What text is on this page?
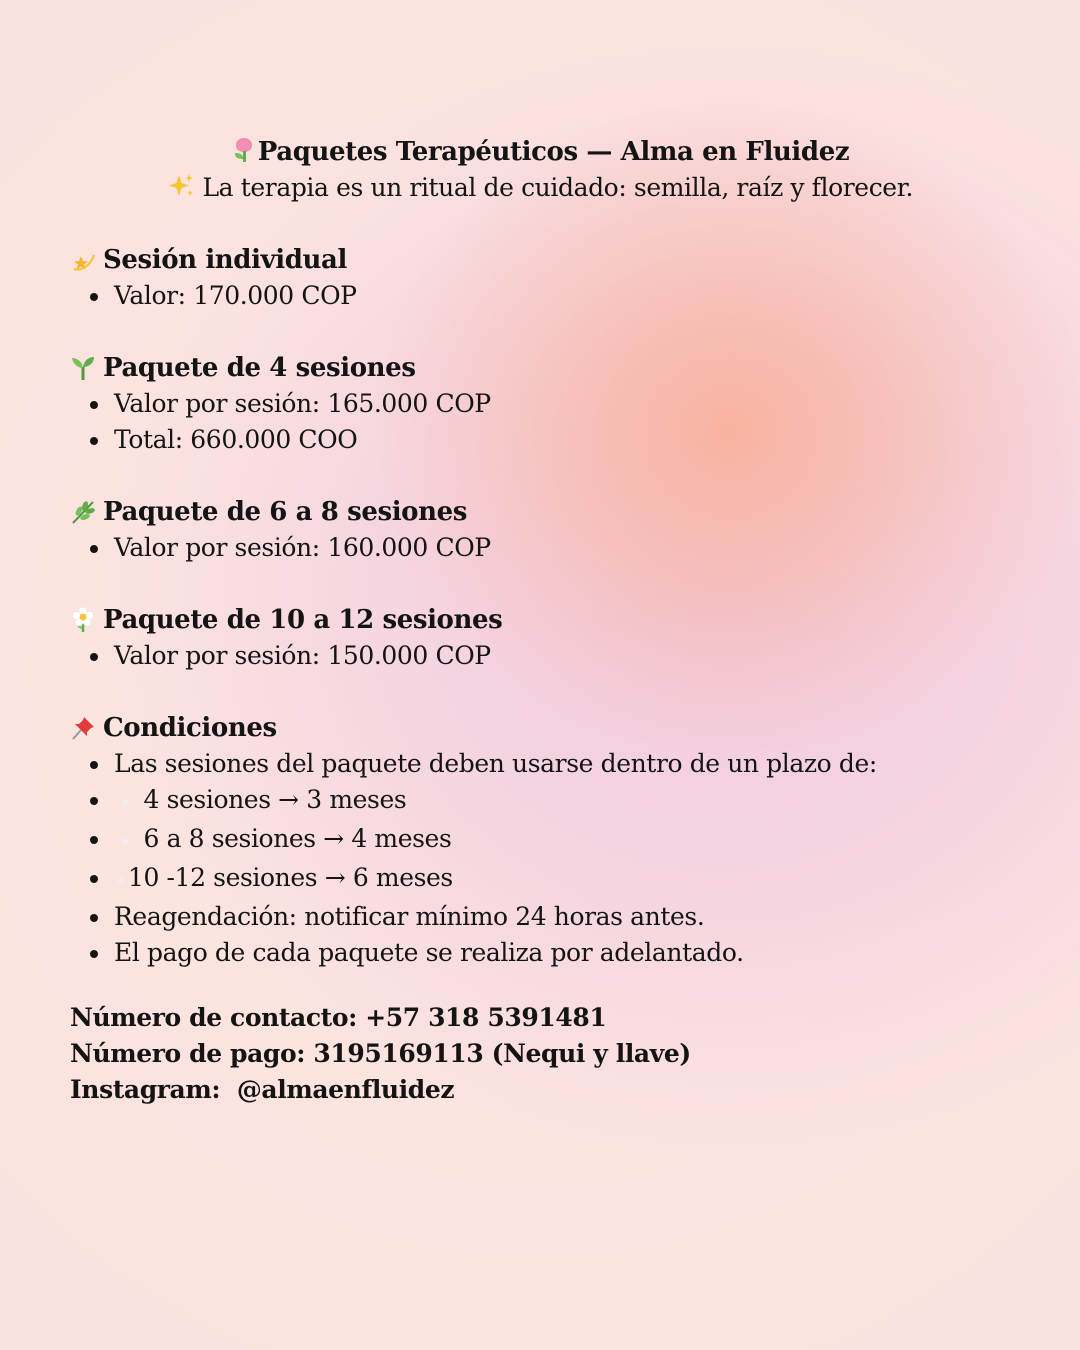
Paquetes Terapéuticos — Alma en Fluidez
La terapia es un ritual de cuidado: semilla, raíz y florecer.
Sesión individual
Valor: 170.000 COP
Paquete de 4 sesiones
Valor por sesión: 165.000 COP
Total: 660.000 COO
Paquete de 6 a 8 sesiones
Valor por sesión: 160.000 COP
Paquete de 10 a 12 sesiones
Valor por sesión: 150.000 COP
Condiciones
Las sesiones del paquete deben usarse dentro de un plazo de:
✦ 4 sesiones → 3 meses
✦ 6 a 8 sesiones → 4 meses
✦10 -12 sesiones → 6 meses
Reagendación: notificar mínimo 24 horas antes.
El pago de cada paquete se realiza por adelantado.
Número de contacto: +57 318 5391481
Número de pago: 3195169113 (Nequi y llave)
Instagram:  @almaenfluidez
